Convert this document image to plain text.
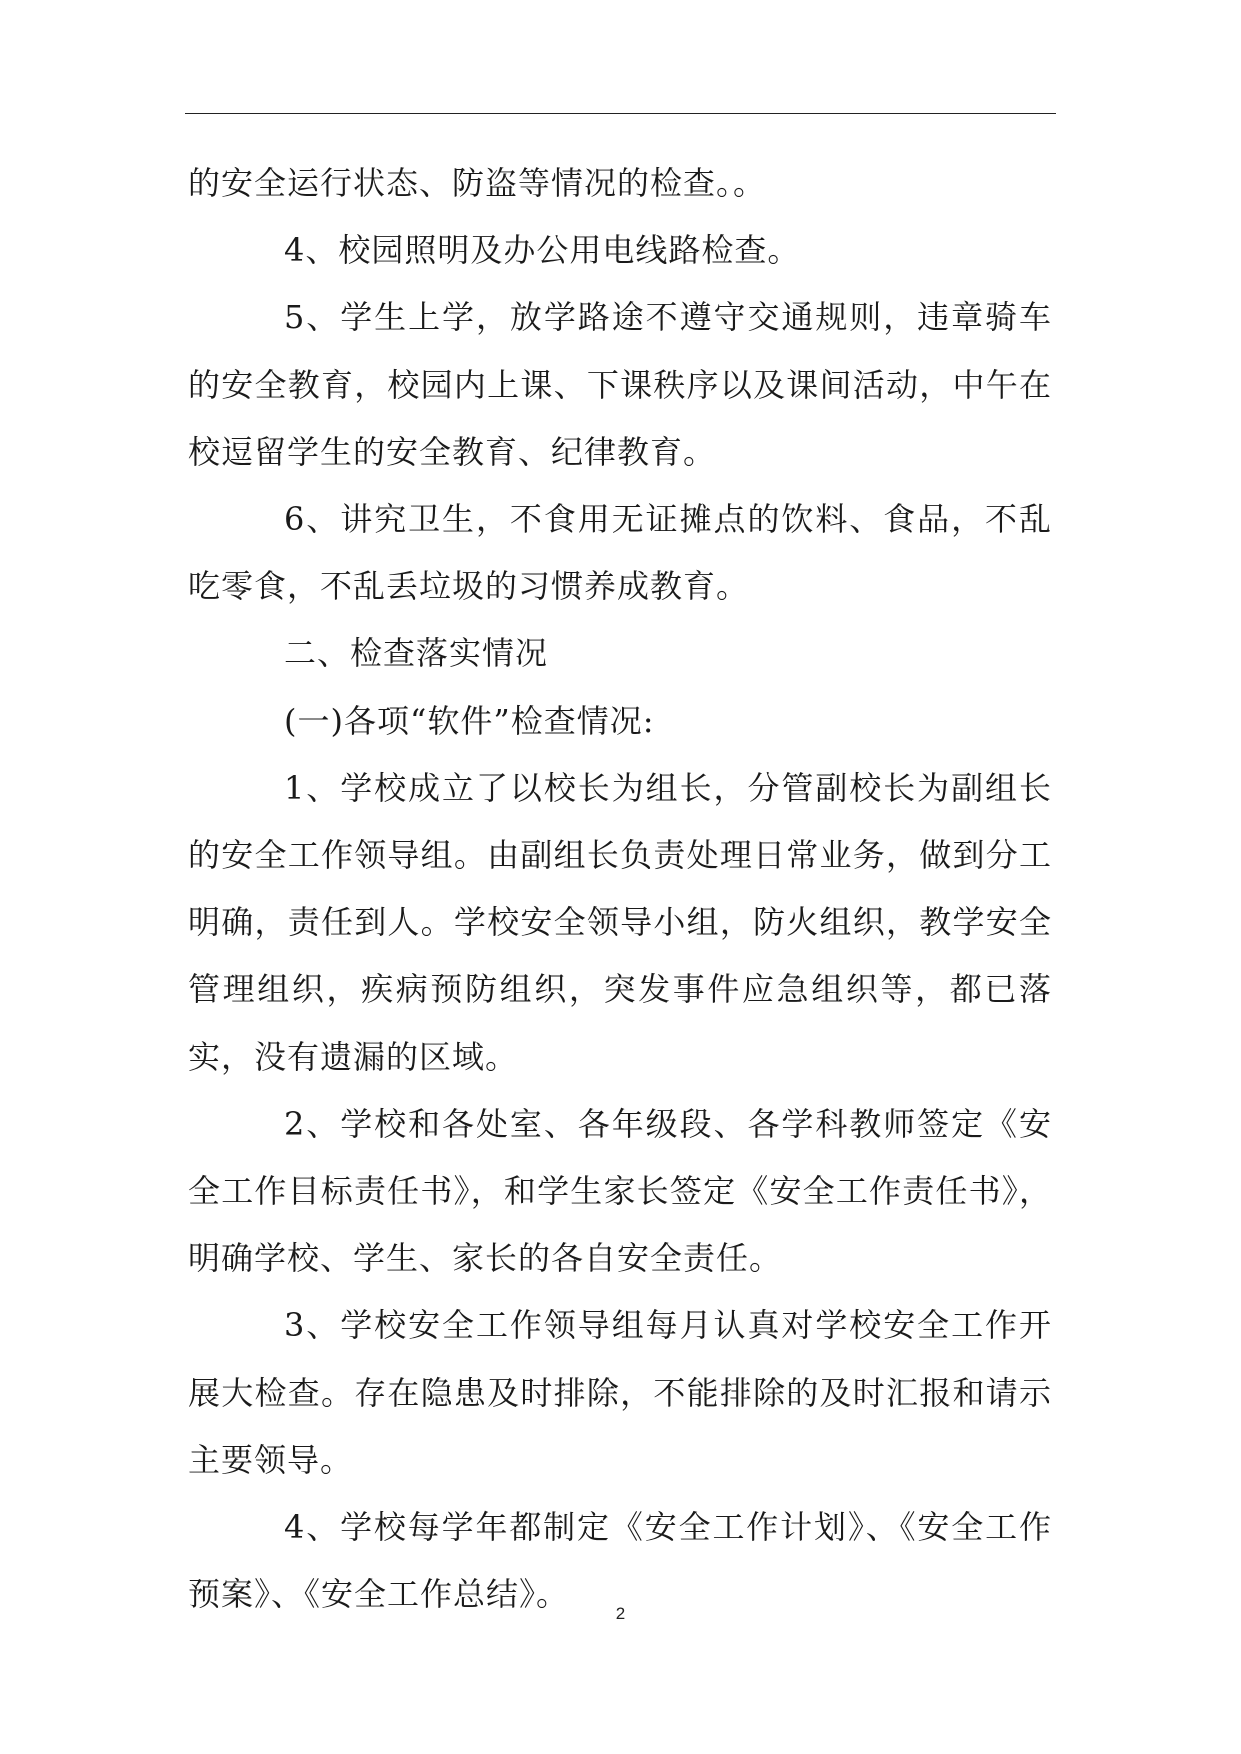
的安全运行状态、防盗等情况的检查。。

4、校园照明及办公用电线路检查。

5、学生上学，放学路途不遵守交通规则，违章骑车的安全教育，校园内上课、下课秩序以及课间活动，中午在校逗留学生的安全教育、纪律教育。

6、讲究卫生，不食用无证摊点的饮料、食品，不乱吃零食，不乱丢垃圾的习惯养成教育。

二、检查落实情况

(一)各项“软件”检查情况:

1、学校成立了以校长为组长，分管副校长为副组长的安全工作领导组。由副组长负责处理日常业务，做到分工明确，责任到人。学校安全领导小组，防火组织，教学安全管理组织，疾病预防组织，突发事件应急组织等，都已落实，没有遗漏的区域。

2、学校和各处室、各年级段、各学科教师签定《安全工作目标责任书》，和学生家长签定《安全工作责任书》，明确学校、学生、家长的各自安全责任。

3、学校安全工作领导组每月认真对学校安全工作开展大检查。存在隐患及时排除，不能排除的及时汇报和请示主要领导。

4、学校每学年都制定《安全工作计划》、《安全工作预案》、《安全工作总结》。

2
